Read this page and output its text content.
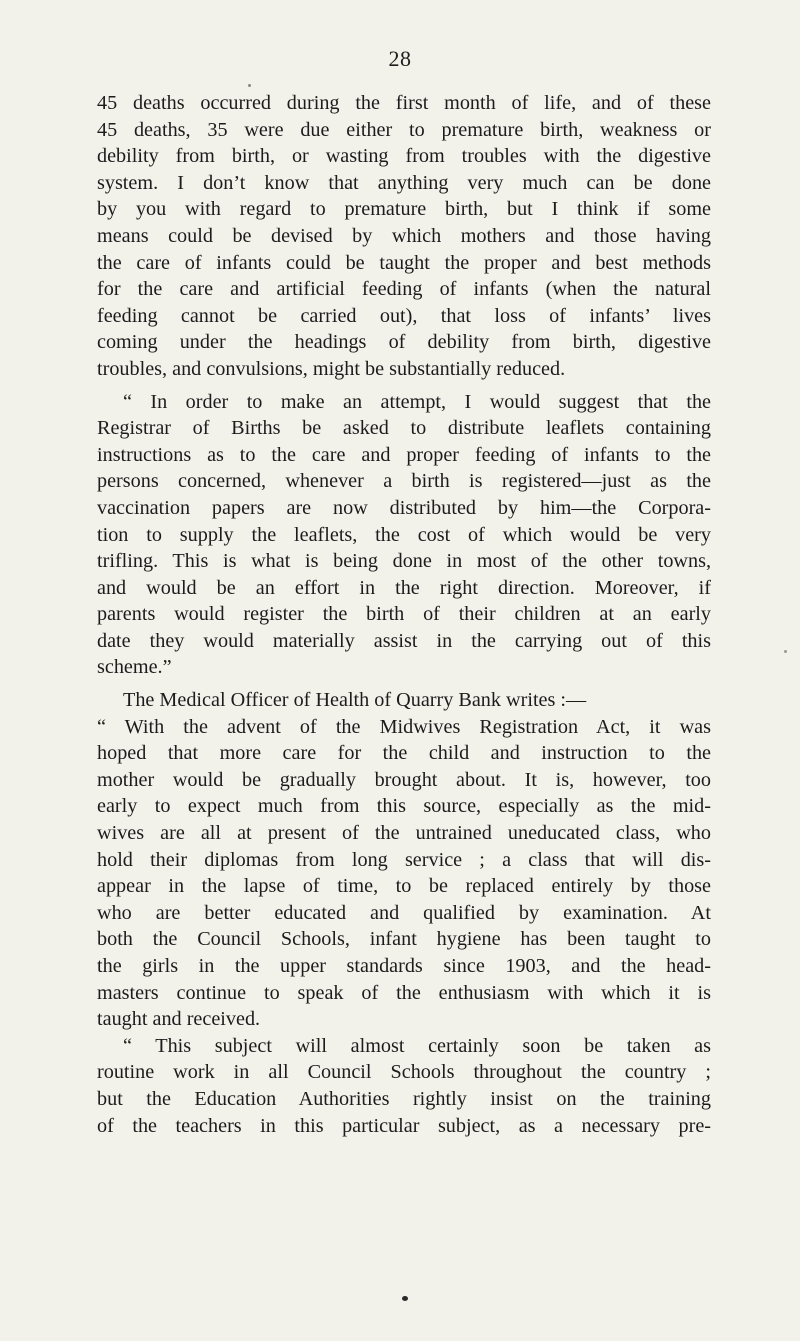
28
45 deaths occurred during the first month of life, and of these
45 deaths, 35 were due either to premature birth, weakness or
debility from birth, or wasting from troubles with the digestive
system. I don’t know that anything very much can be done
by you with regard to premature birth, but I think if some
means could be devised by which mothers and those having
the care of infants could be taught the proper and best methods
for the care and artificial feeding of infants (when the natural
feeding cannot be carried out), that loss of infants’ lives
coming under the headings of debility from birth, digestive
troubles, and convulsions, might be substantially reduced.
“ In order to make an attempt, I would suggest that the
Registrar of Births be asked to distribute leaflets containing
instructions as to the care and proper feeding of infants to the
persons concerned, whenever a birth is registered—just as the
vaccination papers are now distributed by him—the Corpora-
tion to supply the leaflets, the cost of which would be very
trifling. This is what is being done in most of the other towns,
and would be an effort in the right direction. Moreover, if
parents would register the birth of their children at an early
date they would materially assist in the carrying out of this
scheme.”
The Medical Officer of Health of Quarry Bank writes :—
“ With the advent of the Midwives Registration Act, it was
hoped that more care for the child and instruction to the
mother would be gradually brought about. It is, however, too
early to expect much from this source, especially as the mid-
wives are all at present of the untrained uneducated class, who
hold their diplomas from long service ; a class that will dis-
appear in the lapse of time, to be replaced entirely by those
who are better educated and qualified by examination. At
both the Council Schools, infant hygiene has been taught to
the girls in the upper standards since 1903, and the head-
masters continue to speak of the enthusiasm with which it is
taught and received.
“ This subject will almost certainly soon be taken as
routine work in all Council Schools throughout the country ;
but the Education Authorities rightly insist on the training
of the teachers in this particular subject, as a necessary pre-
